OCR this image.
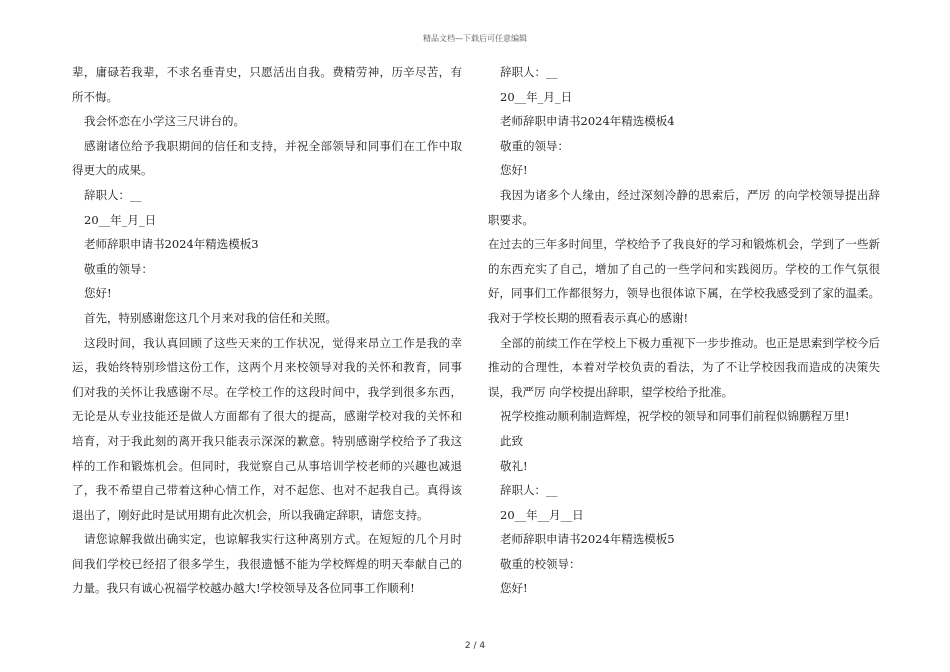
精品文档—下载后可任意编辑

辈，庸碌若我辈，不求名垂青史，只愿活出自我。费精劳神，历辛尽苦，有所不悔。

我会怀恋在小学这三尺讲台的。

感谢诸位给予我职期间的信任和支持，并祝全部领导和同事们在工作中取得更大的成果。

辞职人：__

20__年_月_日

老师辞职申请书2024年精选模板3

敬重的领导：

您好!

首先，特别感谢您这几个月来对我的信任和关照。

这段时间，我认真回顾了这些天来的工作状况，觉得来昂立工作是我的幸运，我始终特别珍惜这份工作，这两个月来校领导对我的关怀和教育，同事们对我的关怀让我感谢不尽。在学校工作的这段时间中，我学到很多东西，无论是从专业技能还是做人方面都有了很大的提高，感谢学校对我的关怀和培育，对于我此刻的离开我只能表示深深的歉意。特别感谢学校给予了我这样的工作和锻炼机会。但同时，我觉察自己从事培训学校老师的兴趣也减退了，我不希望自己带着这种心情工作，对不起您、也对不起我自己。真得该退出了，刚好此时是试用期有此次机会，所以我确定辞职，请您支持。

请您谅解我做出确实定，也谅解我实行这种离别方式。在短短的几个月时间我们学校已经招了很多学生，我很遗憾不能为学校辉煌的明天奉献自己的力量。我只有诚心祝福学校越办越大!学校领导及各位同事工作顺利!

辞职人：__

20__年_月_日

老师辞职申请书2024年精选模板4

敬重的领导：

您好!

我因为诸多个人缘由，经过深刻冷静的思索后，严厉 的向学校领导提出辞职要求。

在过去的三年多时间里，学校给予了我良好的学习和锻炼机会，学到了一些新的东西充实了自己，增加了自己的一些学问和实践阅历。学校的工作气氛很好，同事们工作都很努力，领导也很体谅下属，在学校我感受到了家的温柔。我对于学校长期的照看表示真心的感谢!

全部的前续工作在学校上下极力重视下一步步推动。也正是思索到学校今后推动的合理性，本着对学校负责的看法，为了不让学校因我而造成的决策失误，我严厉 向学校提出辞职，望学校给予批准。

祝学校推动顺利制造辉煌，祝学校的领导和同事们前程似锦鹏程万里!

此致

敬礼!

辞职人：__

20__年__月__日

老师辞职申请书2024年精选模板5

敬重的校领导：

您好!

2 / 4
